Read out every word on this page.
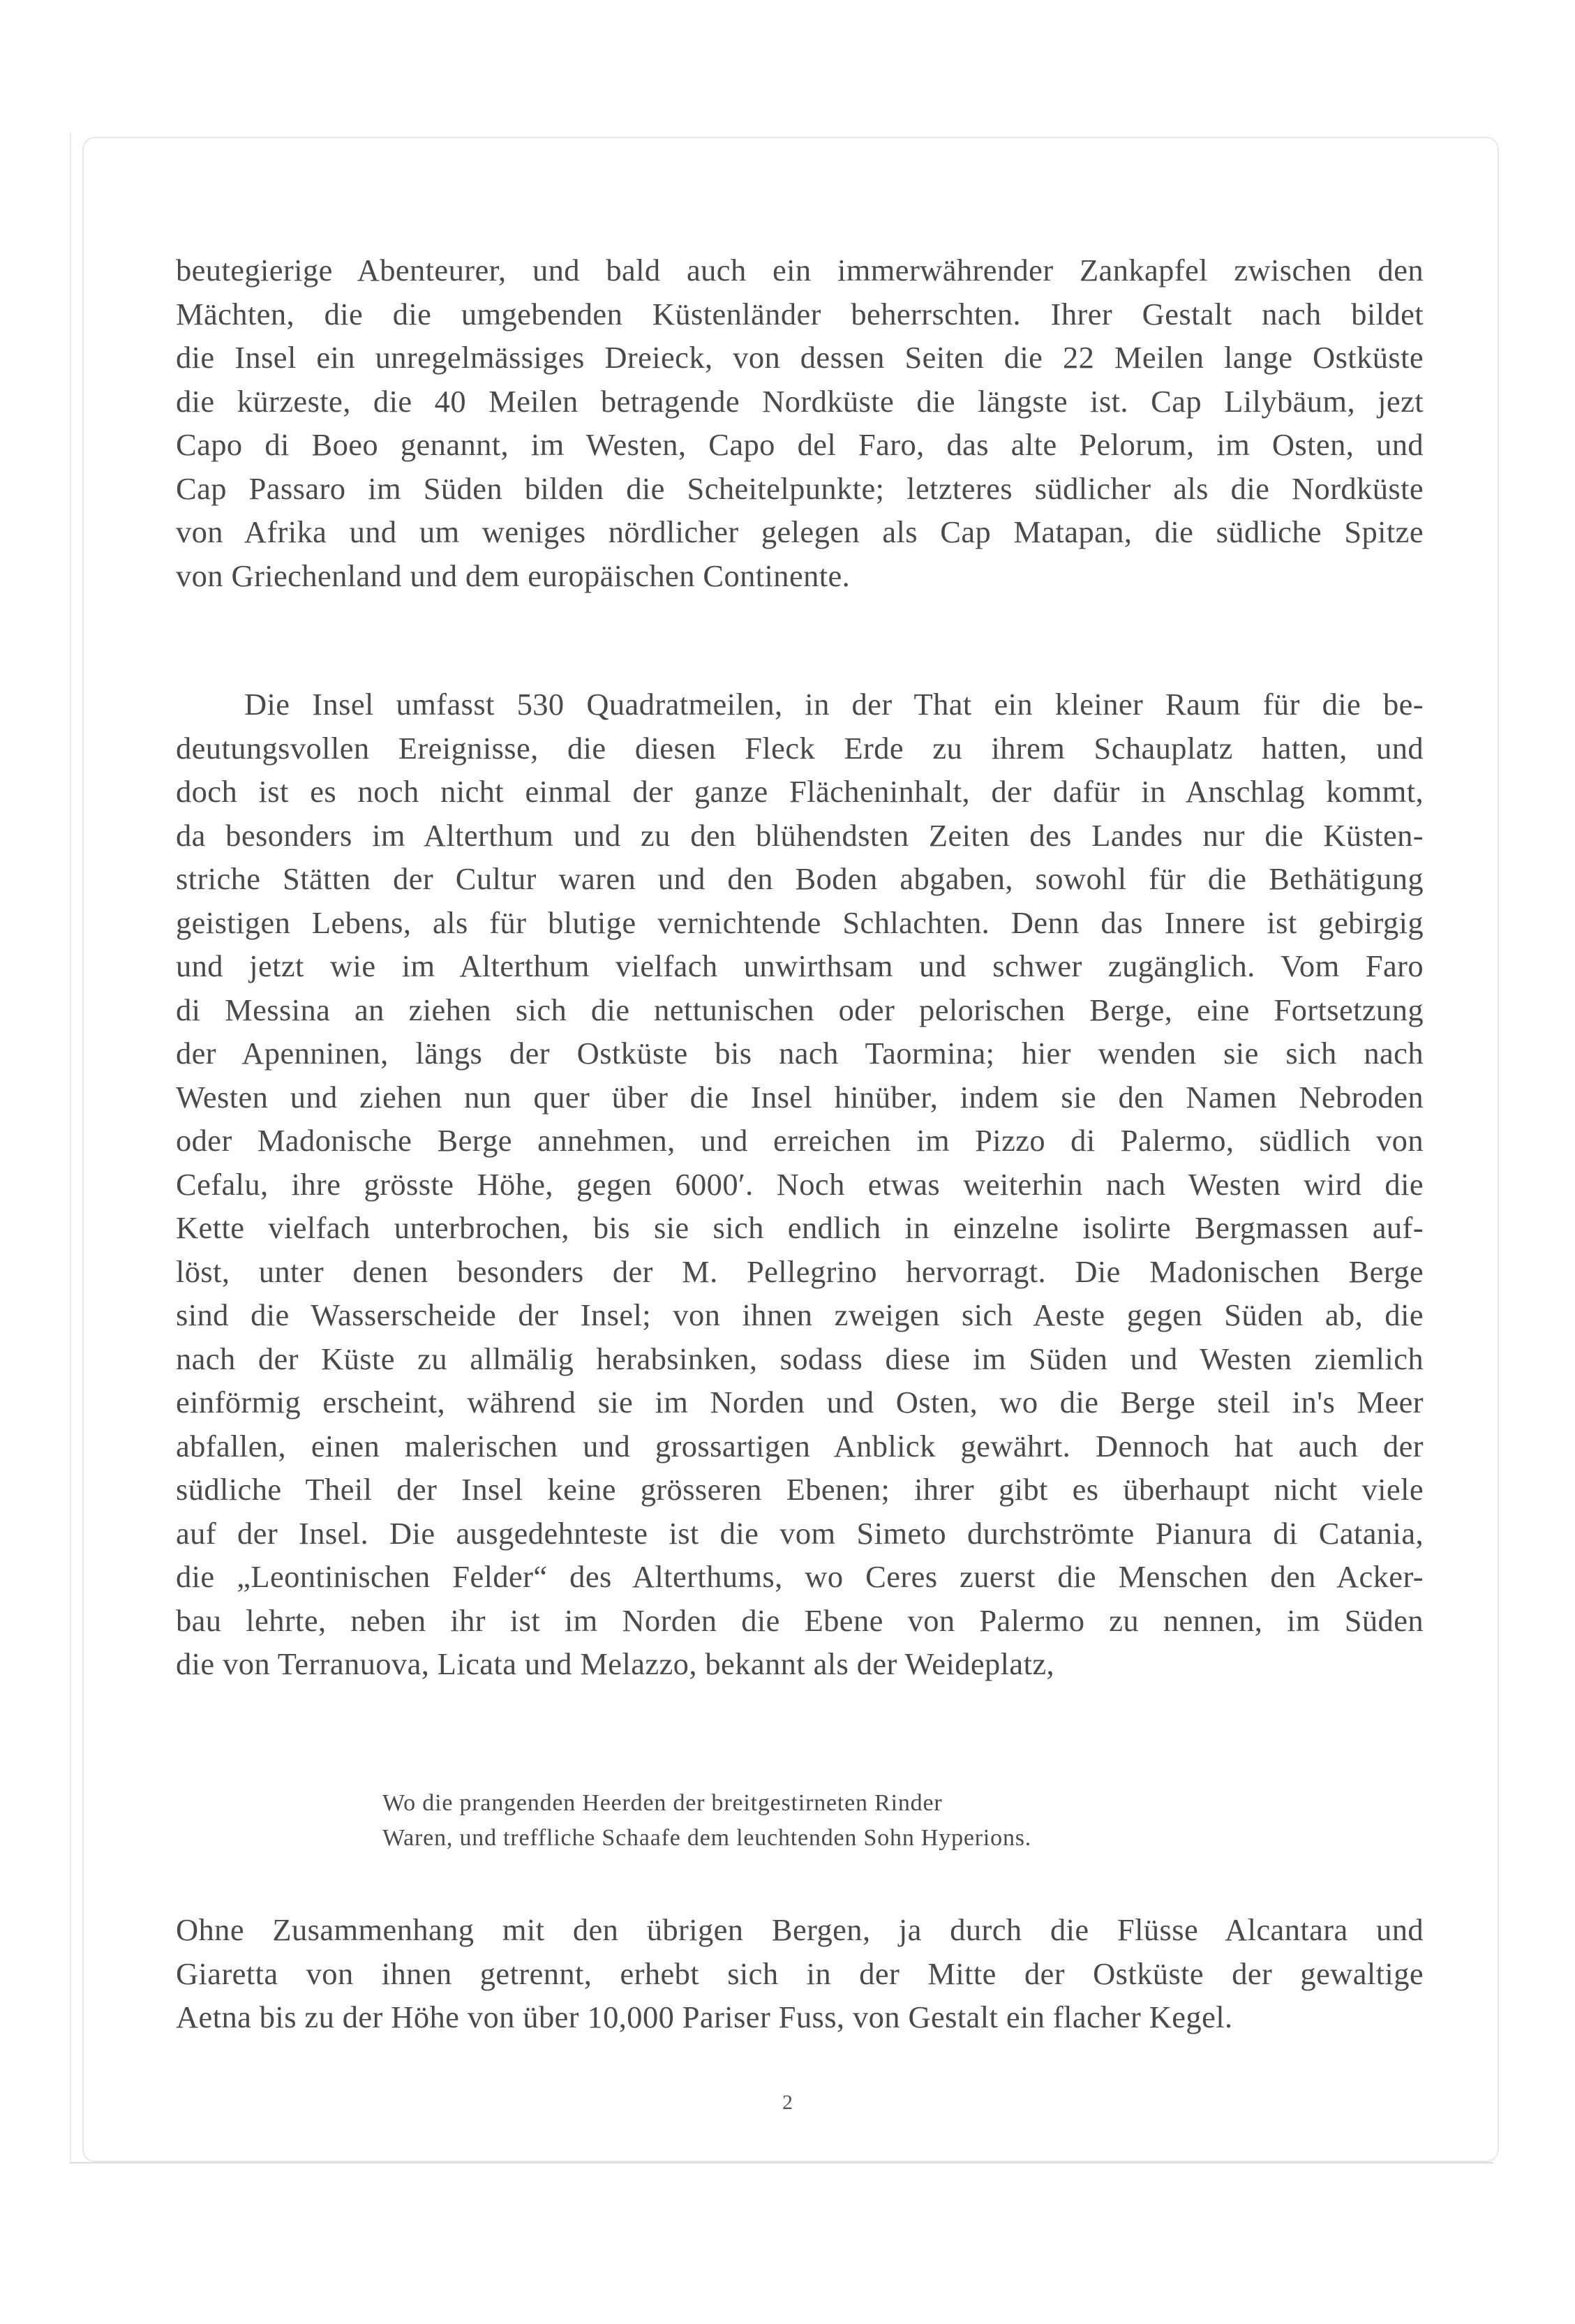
beutegierige Abenteurer, und bald auch ein immerwährender Zankapfel zwischen den
Mächten, die die umgebenden Küstenländer beherrschten. Ihrer Gestalt nach bildet
die Insel ein unregelmässiges Dreieck, von dessen Seiten die 22 Meilen lange Ostküste
die kürzeste, die 40 Meilen betragende Nordküste die längste ist. Cap Lilybäum, jezt
Capo di Boeo genannt, im Westen, Capo del Faro, das alte Pelorum, im Osten, und
Cap Passaro im Süden bilden die Scheitelpunkte; letzteres südlicher als die Nordküste
von Afrika und um weniges nördlicher gelegen als Cap Matapan, die südliche Spitze
von Griechenland und dem europäischen Continente.
Die Insel umfasst 530 Quadratmeilen, in der That ein kleiner Raum für die be-
deutungsvollen Ereignisse, die diesen Fleck Erde zu ihrem Schauplatz hatten, und
doch ist es noch nicht einmal der ganze Flächeninhalt, der dafür in Anschlag kommt,
da besonders im Alterthum und zu den blühendsten Zeiten des Landes nur die Küsten-
striche Stätten der Cultur waren und den Boden abgaben, sowohl für die Bethätigung
geistigen Lebens, als für blutige vernichtende Schlachten. Denn das Innere ist gebirgig
und jetzt wie im Alterthum vielfach unwirthsam und schwer zugänglich. Vom Faro
di Messina an ziehen sich die nettunischen oder pelorischen Berge, eine Fortsetzung
der Apenninen, längs der Ostküste bis nach Taormina; hier wenden sie sich nach
Westen und ziehen nun quer über die Insel hinüber, indem sie den Namen Nebroden
oder Madonische Berge annehmen, und erreichen im Pizzo di Palermo, südlich von
Cefalu, ihre grösste Höhe, gegen 6000′. Noch etwas weiterhin nach Westen wird die
Kette vielfach unterbrochen, bis sie sich endlich in einzelne isolirte Bergmassen auf-
löst, unter denen besonders der M. Pellegrino hervorragt. Die Madonischen Berge
sind die Wasserscheide der Insel; von ihnen zweigen sich Aeste gegen Süden ab, die
nach der Küste zu allmälig herabsinken, sodass diese im Süden und Westen ziemlich
einförmig erscheint, während sie im Norden und Osten, wo die Berge steil in's Meer
abfallen, einen malerischen und grossartigen Anblick gewährt. Dennoch hat auch der
südliche Theil der Insel keine grösseren Ebenen; ihrer gibt es überhaupt nicht viele
auf der Insel. Die ausgedehnteste ist die vom Simeto durchströmte Pianura di Catania,
die „Leontinischen Felder“ des Alterthums, wo Ceres zuerst die Menschen den Acker-
bau lehrte, neben ihr ist im Norden die Ebene von Palermo zu nennen, im Süden
die von Terranuova, Licata und Melazzo, bekannt als der Weideplatz,
Wo die prangenden Heerden der breitgestirneten Rinder
Waren, und treffliche Schaafe dem leuchtenden Sohn Hyperions.
Ohne Zusammenhang mit den übrigen Bergen, ja durch die Flüsse Alcantara und
Giaretta von ihnen getrennt, erhebt sich in der Mitte der Ostküste der gewaltige
Aetna bis zu der Höhe von über 10,000 Pariser Fuss, von Gestalt ein flacher Kegel.
2
